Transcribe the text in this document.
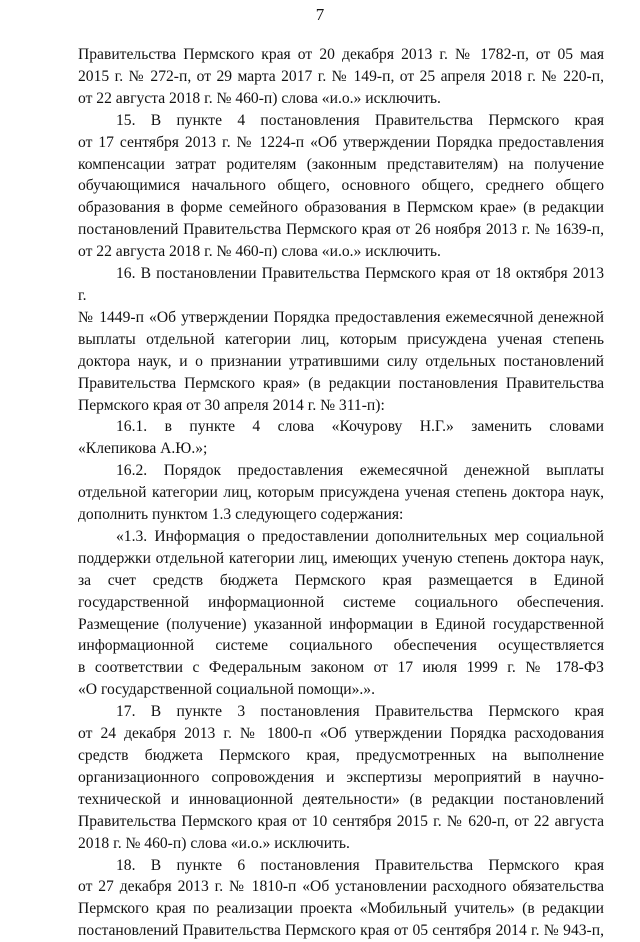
7

Правительства Пермского края от 20 декабря 2013 г. № 1782-п, от 05 мая

2015 г. № 272-п, от 29 марта 2017 г. № 149-п, от 25 апреля 2018 г. № 220-п,

от 22 августа 2018 г. № 460-п) слова «и.о.» исключить.

15. В пункте 4 постановления Правительства Пермского края

от 17 сентября 2013 г. № 1224-п «Об утверждении Порядка предоставления

компенсации затрат родителям (законным представителям) на получение

обучающимися начального общего, основного общего, среднего общего

образования в форме семейного образования в Пермском крае» (в редакции

постановлений Правительства Пермского края от 26 ноября 2013 г. № 1639-п,

от 22 августа 2018 г. № 460-п) слова «и.о.» исключить.

16. В постановлении Правительства Пермского края от 18 октября 2013 г.

№ 1449-п «Об утверждении Порядка предоставления ежемесячной денежной

выплаты отдельной категории лиц, которым присуждена ученая степень

доктора наук, и о признании утратившими силу отдельных постановлений

Правительства Пермского края» (в редакции постановления Правительства

Пермского края от 30 апреля 2014 г. № 311-п):

16.1. в пункте 4 слова «Кочурову Н.Г.» заменить словами

«Клепикова А.Ю.»;

16.2. Порядок предоставления ежемесячной денежной выплаты

отдельной категории лиц, которым присуждена ученая степень доктора наук,

дополнить пунктом 1.3 следующего содержания:

«1.3. Информация о предоставлении дополнительных мер социальной

поддержки отдельной категории лиц, имеющих ученую степень доктора наук,

за счет средств бюджета Пермского края размещается в Единой

государственной информационной системе социального обеспечения.

Размещение (получение) указанной информации в Единой государственной

информационной системе социального обеспечения осуществляется

в соответствии с Федеральным законом от 17 июля 1999 г. № 178-ФЗ

«О государственной социальной помощи».».

17. В пункте 3 постановления Правительства Пермского края

от 24 декабря 2013 г. № 1800-п «Об утверждении Порядка расходования

средств бюджета Пермского края, предусмотренных на выполнение

организационного сопровождения и экспертизы мероприятий в научно-

технической и инновационной деятельности» (в редакции постановлений

Правительства Пермского края от 10 сентября 2015 г. № 620-п, от 22 августа

2018 г. № 460-п) слова «и.о.» исключить.

18. В пункте 6 постановления Правительства Пермского края

от 27 декабря 2013 г. № 1810-п «Об установлении расходного обязательства

Пермского края по реализации проекта «Мобильный учитель» (в редакции

постановлений Правительства Пермского края от 05 сентября 2014 г. № 943-п,
